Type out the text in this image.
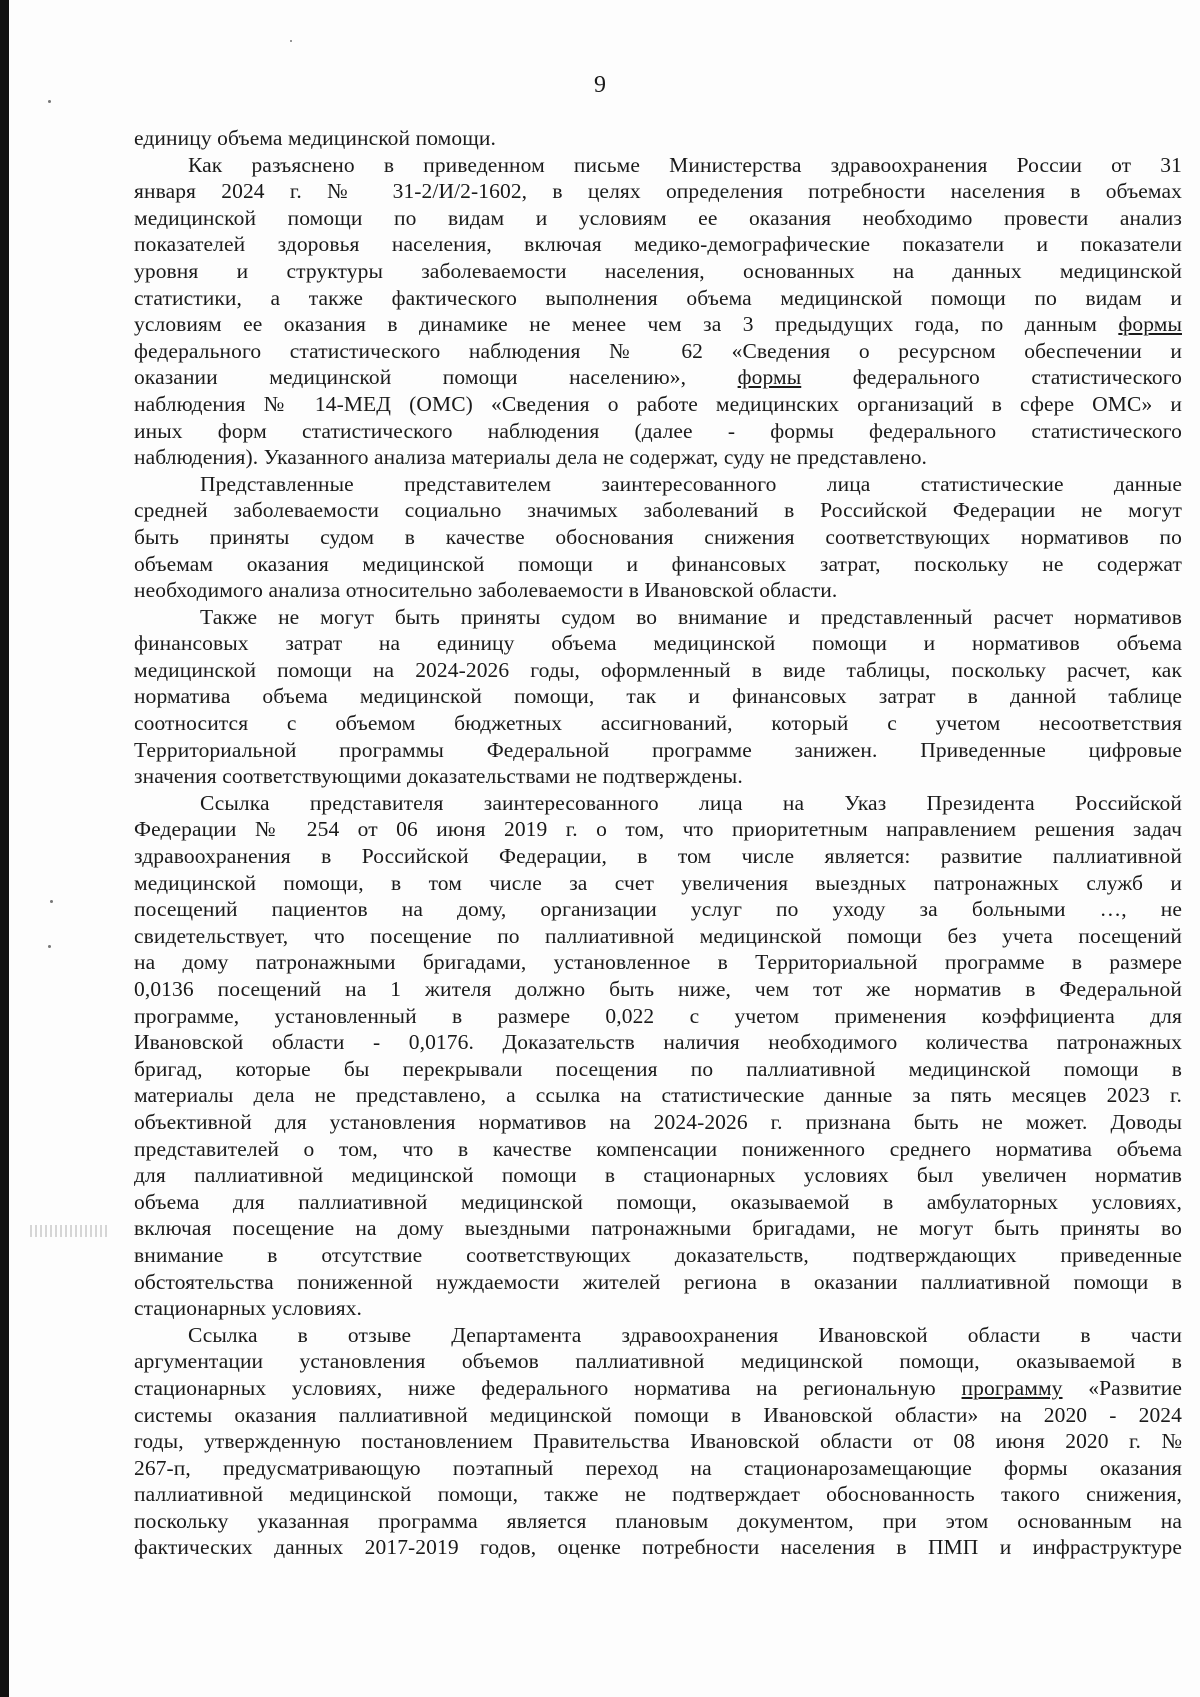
9
единицу объема медицинской помощи.
Как разъяснено в приведенном письме Министерства здравоохранения России от 31
января 2024 г. № 31-2/И/2-1602, в целях определения потребности населения в объемах
медицинской помощи по видам и условиям ее оказания необходимо провести анализ
показателей здоровья населения, включая медико-демографические показатели и показатели
уровня и структуры заболеваемости населения, основанных на данных медицинской
статистики, а также фактического выполнения объема медицинской помощи по видам и
условиям ее оказания в динамике не менее чем за 3 предыдущих года, по данным формы
федерального статистического наблюдения № 62 «Сведения о ресурсном обеспечении и
оказании медицинской помощи населению», формы федерального статистического
наблюдения № 14-МЕД (ОМС) «Сведения о работе медицинских организаций в сфере ОМС» и
иных форм статистического наблюдения (далее - формы федерального статистического
наблюдения). Указанного анализа материалы дела не содержат, суду не представлено.
Представленные представителем заинтересованного лица статистические данные
средней заболеваемости социально значимых заболеваний в Российской Федерации не могут
быть приняты судом в качестве обоснования снижения соответствующих нормативов по
объемам оказания медицинской помощи и финансовых затрат, поскольку не содержат
необходимого анализа относительно заболеваемости в Ивановской области.
Также не могут быть приняты судом во внимание и представленный расчет нормативов
финансовых затрат на единицу объема медицинской помощи и нормативов объема
медицинской помощи на 2024-2026 годы, оформленный в виде таблицы, поскольку расчет, как
норматива объема медицинской помощи, так и финансовых затрат в данной таблице
соотносится с объемом бюджетных ассигнований, который с учетом несоответствия
Территориальной программы Федеральной программе занижен. Приведенные цифровые
значения соответствующими доказательствами не подтверждены.
Ссылка представителя заинтересованного лица на Указ Президента Российской
Федерации № 254 от 06 июня 2019 г. о том, что приоритетным направлением решения задач
здравоохранения в Российской Федерации, в том числе является: развитие паллиативной
медицинской помощи, в том числе за счет увеличения выездных патронажных служб и
посещений пациентов на дому, организации услуг по уходу за больными …, не
свидетельствует, что посещение по паллиативной медицинской помощи без учета посещений
на дому патронажными бригадами, установленное в Территориальной программе в размере
0,0136 посещений на 1 жителя должно быть ниже, чем тот же норматив в Федеральной
программе, установленный в размере 0,022 с учетом применения коэффициента для
Ивановской области - 0,0176. Доказательств наличия необходимого количества патронажных
бригад, которые бы перекрывали посещения по паллиативной медицинской помощи в
материалы дела не представлено, а ссылка на статистические данные за пять месяцев 2023 г.
объективной для установления нормативов на 2024-2026 г. признана быть не может. Доводы
представителей о том, что в качестве компенсации пониженного среднего норматива объема
для паллиативной медицинской помощи в стационарных условиях был увеличен норматив
объема для паллиативной медицинской помощи, оказываемой в амбулаторных условиях,
включая посещение на дому выездными патронажными бригадами, не могут быть приняты во
внимание в отсутствие соответствующих доказательств, подтверждающих приведенные
обстоятельства пониженной нуждаемости жителей региона в оказании паллиативной помощи в
стационарных условиях.
Ссылка в отзыве Департамента здравоохранения Ивановской области в части
аргументации установления объемов паллиативной медицинской помощи, оказываемой в
стационарных условиях, ниже федерального норматива на региональную программу «Развитие
системы оказания паллиативной медицинской помощи в Ивановской области» на 2020 - 2024
годы, утвержденную постановлением Правительства Ивановской области от 08 июня 2020 г. №
267-п, предусматривающую поэтапный переход на стационарозамещающие формы оказания
паллиативной медицинской помощи, также не подтверждает обоснованность такого снижения,
поскольку указанная программа является плановым документом, при этом основанным на
фактических данных 2017-2019 годов, оценке потребности населения в ПМП и инфраструктуре
